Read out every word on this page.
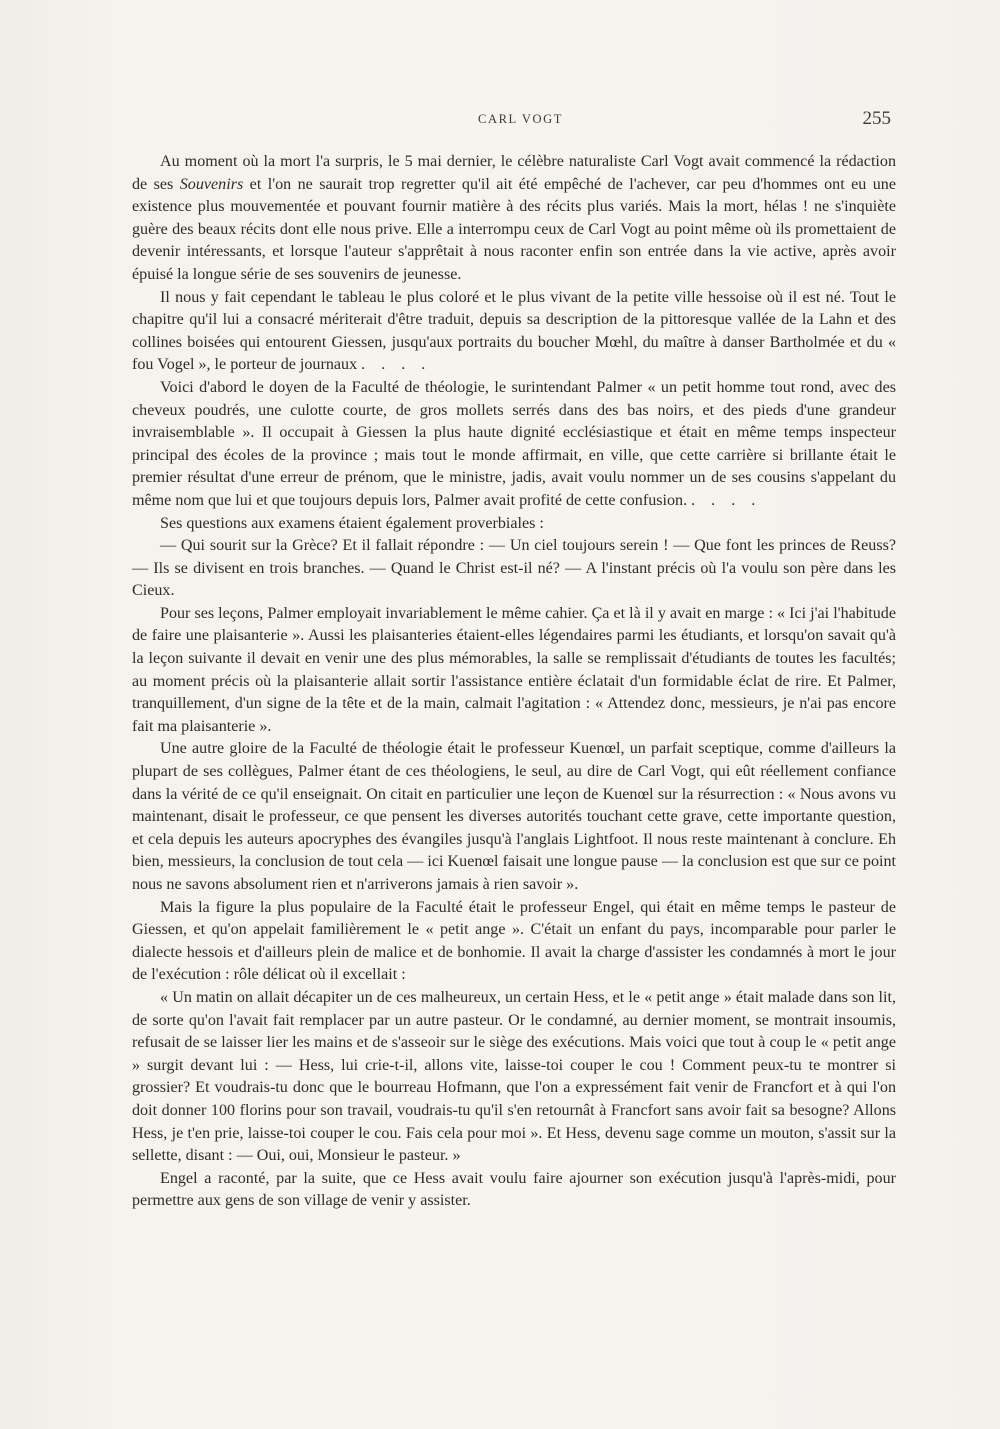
CARL VOGT	255

Au moment où la mort l'a surpris, le 5 mai dernier, le célèbre naturaliste Carl Vogt avait commencé la rédaction de ses Souvenirs et l'on ne saurait trop regretter qu'il ait été empêché de l'achever, car peu d'hommes ont eu une existence plus mouvementée et pouvant fournir matière à des récits plus variés. Mais la mort, hélas ! ne s'inquiète guère des beaux récits dont elle nous prive. Elle a interrompu ceux de Carl Vogt au point même où ils promettaient de devenir intéressants, et lorsque l'auteur s'apprêtait à nous raconter enfin son entrée dans la vie active, après avoir épuisé la longue série de ses souvenirs de jeunesse.

Il nous y fait cependant le tableau le plus coloré et le plus vivant de la petite ville hessoise où il est né. Tout le chapitre qu'il lui a consacré mériterait d'être traduit, depuis sa description de la pittoresque vallée de la Lahn et des collines boisées qui entourent Giessen, jusqu'aux portraits du boucher Mœhl, du maître à danser Bartholmée et du « fou Vogel », le porteur de journaux . . . .

Voici d'abord le doyen de la Faculté de théologie, le surintendant Palmer « un petit homme tout rond, avec des cheveux poudrés, une culotte courte, de gros mollets serrés dans des bas noirs, et des pieds d'une grandeur invraisemblable ». Il occupait à Giessen la plus haute dignité ecclésiastique et était en même temps inspecteur principal des écoles de la province ; mais tout le monde affirmait, en ville, que cette carrière si brillante était le premier résultat d'une erreur de prénom, que le ministre, jadis, avait voulu nommer un de ses cousins s'appelant du même nom que lui et que toujours depuis lors, Palmer avait profité de cette confusion. . . . .

Ses questions aux examens étaient également proverbiales :

— Qui sourit sur la Grèce? Et il fallait répondre : — Un ciel toujours serein ! — Que font les princes de Reuss? — Ils se divisent en trois branches. — Quand le Christ est-il né? — A l'instant précis où l'a voulu son père dans les Cieux.

Pour ses leçons, Palmer employait invariablement le même cahier. Ça et là il y avait en marge : « Ici j'ai l'habitude de faire une plaisanterie ». Aussi les plaisanteries étaient-elles légendaires parmi les étudiants, et lorsqu'on savait qu'à la leçon suivante il devait en venir une des plus mémorables, la salle se remplissait d'étudiants de toutes les facultés; au moment précis où la plaisanterie allait sortir l'assistance entière éclatait d'un formidable éclat de rire. Et Palmer, tranquillement, d'un signe de la tête et de la main, calmait l'agitation : « Attendez donc, messieurs, je n'ai pas encore fait ma plaisanterie ».

Une autre gloire de la Faculté de théologie était le professeur Kuenœl, un parfait sceptique, comme d'ailleurs la plupart de ses collègues, Palmer étant de ces théologiens, le seul, au dire de Carl Vogt, qui eût réellement confiance dans la vérité de ce qu'il enseignait. On citait en particulier une leçon de Kuenœl sur la résurrection : « Nous avons vu maintenant, disait le professeur, ce que pensent les diverses autorités touchant cette grave, cette importante question, et cela depuis les auteurs apocryphes des évangiles jusqu'à l'anglais Lightfoot. Il nous reste maintenant à conclure. Eh bien, messieurs, la conclusion de tout cela — ici Kuenœl faisait une longue pause — la conclusion est que sur ce point nous ne savons absolument rien et n'arriverons jamais à rien savoir ».

Mais la figure la plus populaire de la Faculté était le professeur Engel, qui était en même temps le pasteur de Giessen, et qu'on appelait familièrement le « petit ange ». C'était un enfant du pays, incomparable pour parler le dialecte hessois et d'ailleurs plein de malice et de bonhomie. Il avait la charge d'assister les condamnés à mort le jour de l'exécution : rôle délicat où il excellait :

« Un matin on allait décapiter un de ces malheureux, un certain Hess, et le « petit ange » était malade dans son lit, de sorte qu'on l'avait fait remplacer par un autre pasteur. Or le condamné, au dernier moment, se montrait insoumis, refusait de se laisser lier les mains et de s'asseoir sur le siège des exécutions. Mais voici que tout à coup le « petit ange » surgit devant lui : — Hess, lui crie-t-il, allons vite, laisse-toi couper le cou ! Comment peux-tu te montrer si grossier? Et voudrais-tu donc que le bourreau Hofmann, que l'on a expressément fait venir de Francfort et à qui l'on doit donner 100 florins pour son travail, voudrais-tu qu'il s'en retournât à Francfort sans avoir fait sa besogne? Allons Hess, je t'en prie, laisse-toi couper le cou. Fais cela pour moi ». Et Hess, devenu sage comme un mouton, s'assit sur la sellette, disant : — Oui, oui, Monsieur le pasteur. »

Engel a raconté, par la suite, que ce Hess avait voulu faire ajourner son exécution jusqu'à l'après-midi, pour permettre aux gens de son village de venir y assister.
